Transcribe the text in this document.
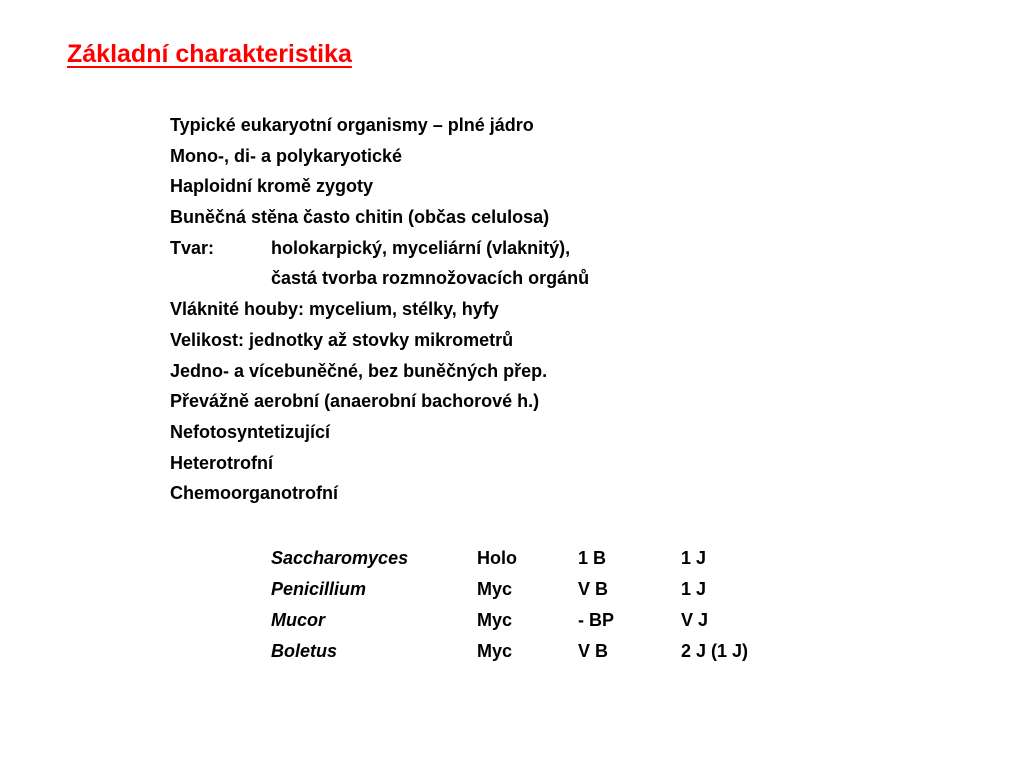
Základní charakteristika
Typické eukaryotní organismy – plné jádro
Mono-, di- a polykaryotické
Haploidní kromě zygoty
Buněčná stěna často chitin (občas celulosa)
Tvar:	holokarpický, myceliární (vlaknitý),
častá tvorba rozmnožovacích orgánů
Vláknité houby: mycelium, stélky, hyfy
Velikost: jednotky až stovky mikrometrů
Jedno- a vícebuněčné, bez buněčných přep.
Převážně aerobní (anaerobní bachorové h.)
Nefotosyntetizující
Heterotrofní
Chemoorganotrofní
Saccharomyces	Holo	1 B	1 J
Penicillium	Myc	V B	1 J
Mucor	Myc	- BP	V J
Boletus	Myc	V B	2 J (1 J)
